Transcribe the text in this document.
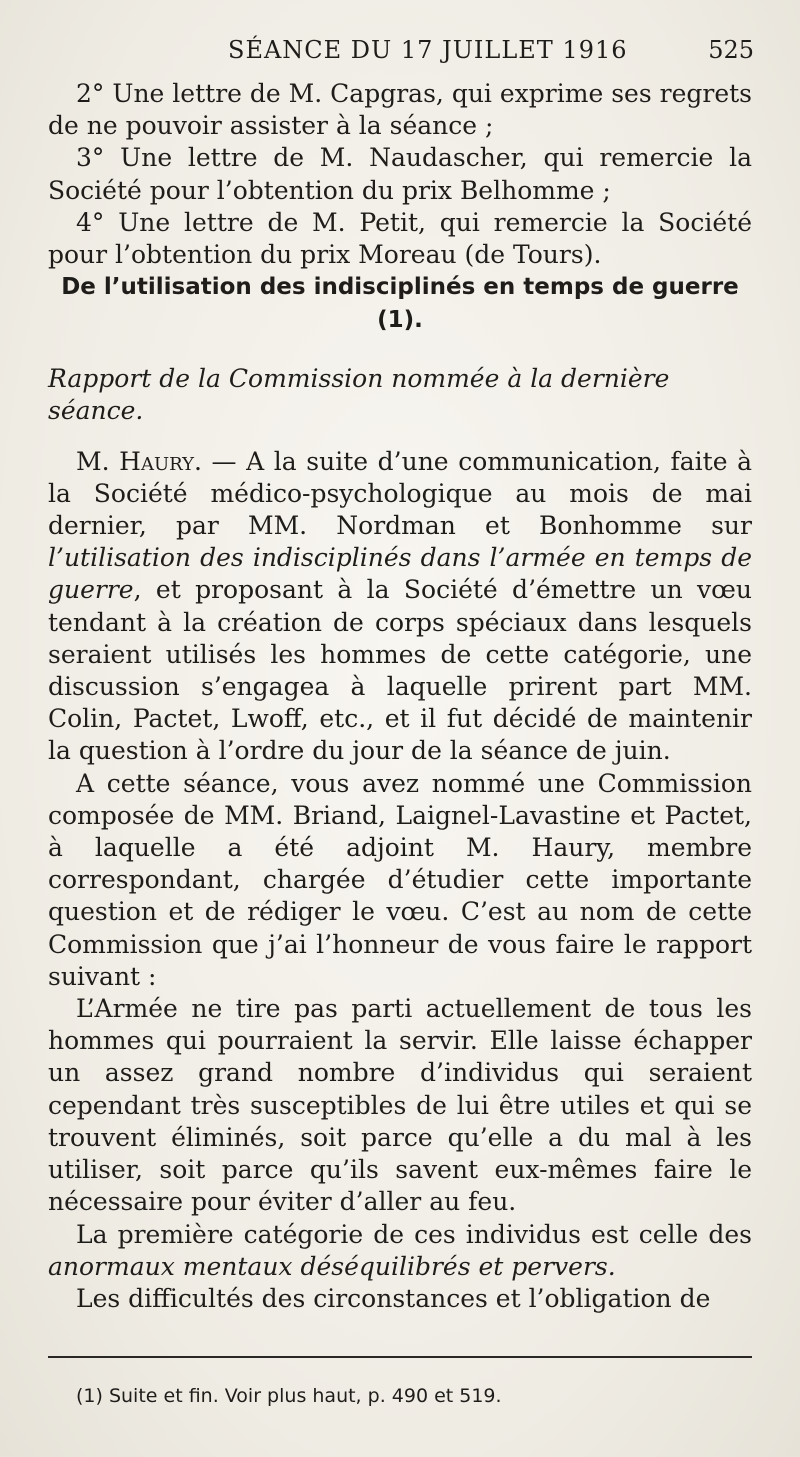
SÉANCE DU 17 JUILLET 1916	525

2° Une lettre de M. Capgras, qui exprime ses regrets de ne pouvoir assister à la séance ;

3° Une lettre de M. Naudascher, qui remercie la Société pour l’obtention du prix Belhomme ;

4° Une lettre de M. Petit, qui remercie la Société pour l’obtention du prix Moreau (de Tours).

De l’utilisation des indisciplinés en temps de guerre (1).

Rapport de la Commission nommée à la dernière séance.

M. Haury. — A la suite d’une communication, faite à la Société médico-psychologique au mois de mai dernier, par MM. Nordman et Bonhomme sur l’utilisation des indisciplinés dans l’armée en temps de guerre, et proposant à la Société d’émettre un vœu tendant à la création de corps spéciaux dans lesquels seraient utilisés les hommes de cette catégorie, une discussion s’engagea à laquelle prirent part MM. Colin, Pactet, Lwoff, etc., et il fut décidé de maintenir la question à l’ordre du jour de la séance de juin.

A cette séance, vous avez nommé une Commission composée de MM. Briand, Laignel-Lavastine et Pactet, à laquelle a été adjoint M. Haury, membre correspondant, chargée d’étudier cette importante question et de rédiger le vœu. C’est au nom de cette Commission que j’ai l’honneur de vous faire le rapport suivant :

L’Armée ne tire pas parti actuellement de tous les hommes qui pourraient la servir. Elle laisse échapper un assez grand nombre d’individus qui seraient cependant très susceptibles de lui être utiles et qui se trouvent éliminés, soit parce qu’elle a du mal à les utiliser, soit parce qu’ils savent eux-mêmes faire le nécessaire pour éviter d’aller au feu.

La première catégorie de ces individus est celle des anormaux mentaux déséquilibrés et pervers.

Les difficultés des circonstances et l’obligation de

(1) Suite et fin. Voir plus haut, p. 490 et 519.
